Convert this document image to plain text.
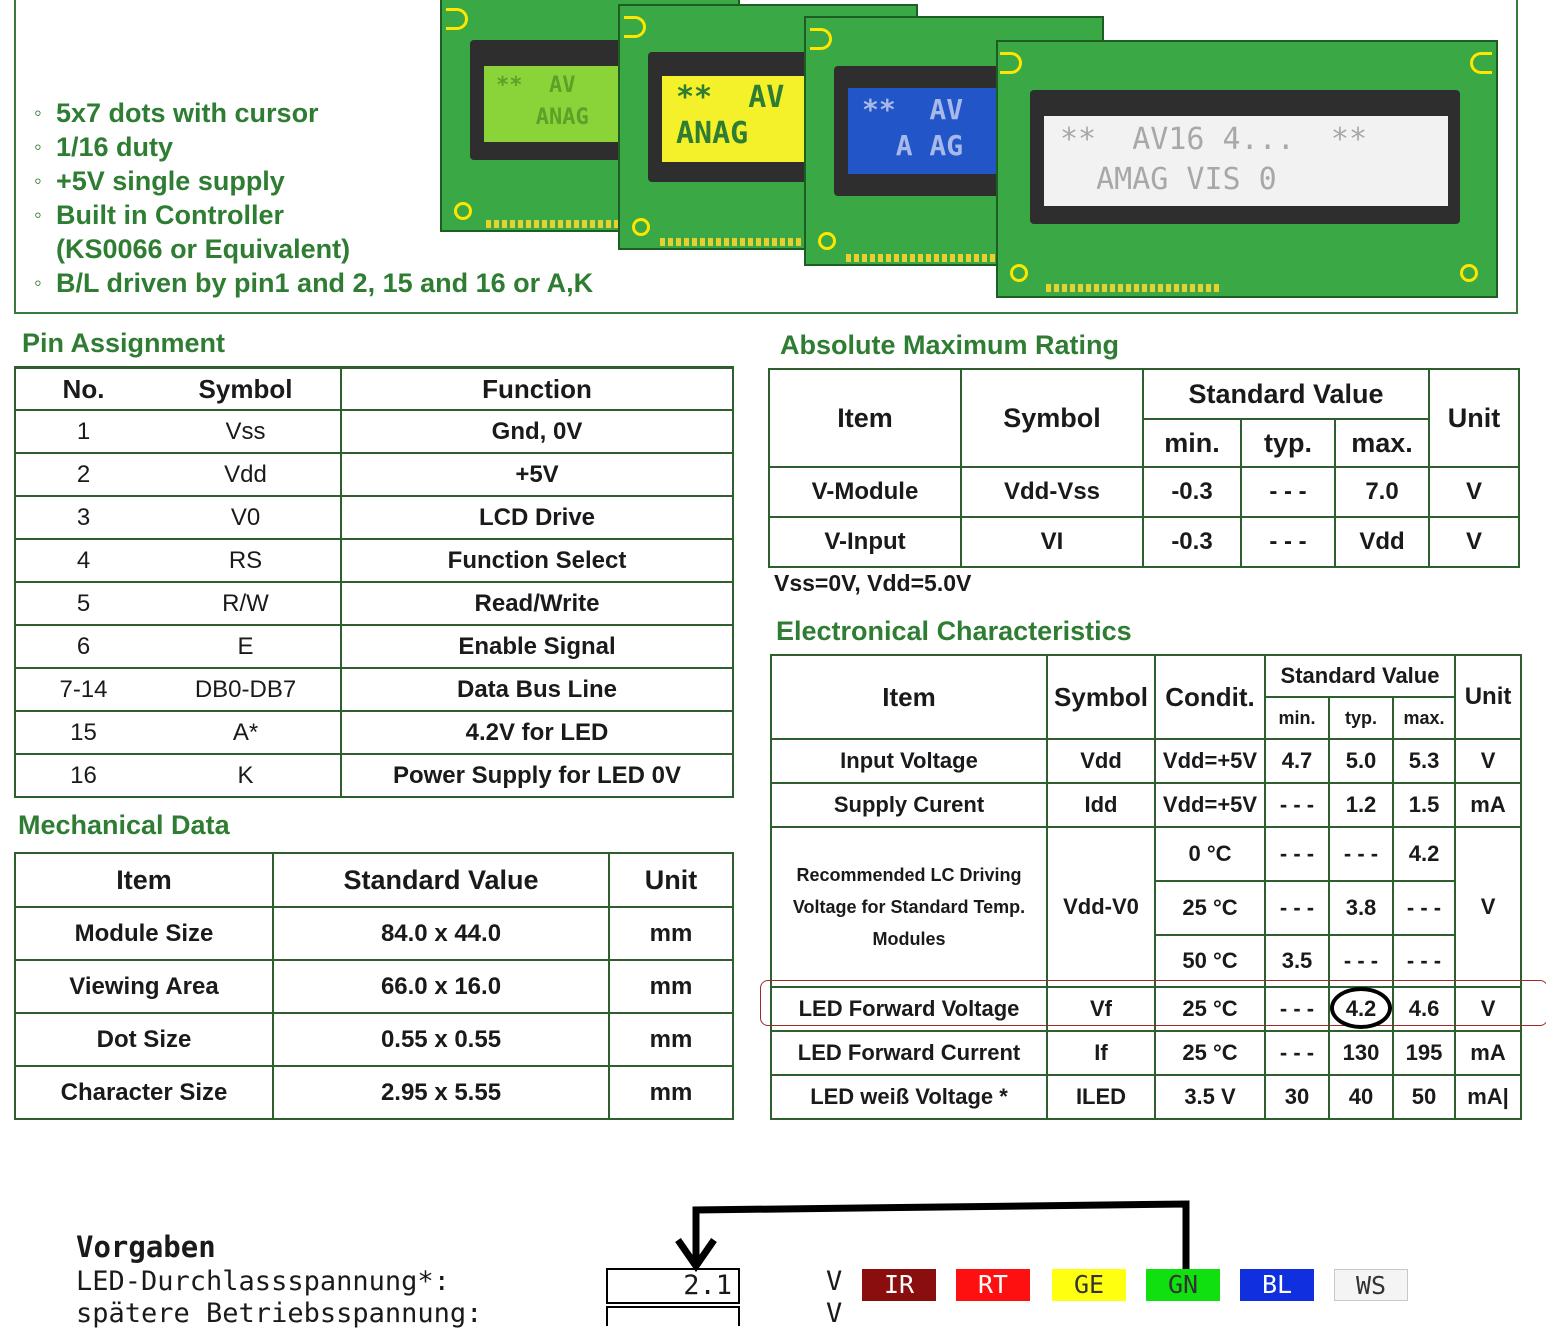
◦ 5x7 dots with cursor
◦ 1/16 duty
◦ +5V single supply
◦ Built in Controller
(KS0066 or Equivalent)
◦ B/L driven by pin1 and 2, 15 and 16 or A,K
**  AV
ANAG
**  AV
ANAG
**  AV
A AG	**  AV16 4...  **
AMAG VIS 0
Pin Assignment
No.	Symbol	Function
1	Vss	Gnd, 0V
2	Vdd	+5V
3	V0	LCD Drive
4	RS	Function Select
5	R/W	Read/Write
6	E	Enable Signal
7-14	DB0-DB7	Data Bus Line
15	A*	4.2V for LED
16	K	Power Supply for LED 0V
Mechanical Data
Item	Standard Value	Unit
Module Size	84.0 x 44.0	mm
Viewing Area	66.0 x 16.0	mm
Dot Size	0.55 x 0.55	mm
Character Size	2.95 x 5.55	mm
Absolute Maximum Rating
Item	Symbol	Standard Value			Unit
		min.	typ.	max.	
V-Module	Vdd-Vss	-0.3	- - -	7.0	V
V-Input	VI	-0.3	- - -	Vdd	V
Vss=0V, Vdd=5.0V
Electronical Characteristics
Item	Symbol	Condit.	Standard Value			Unit
			min.	typ.	max.	
Input Voltage	Vdd	Vdd=+5V	4.7	5.0	5.3	V
Supply Curent	Idd	Vdd=+5V	- - -	1.2	1.5	mA
Recommended LC Driving Voltage for Standard Temp. Modules	Vdd-V0	0 °C	- - -	- - -	4.2	V
		25 °C	- - -	3.8	- - -	
		50 °C	3.5	- - -	- - -	
LED Forward Voltage	Vf	25 °C	- - -	4.2	4.6	V
LED Forward Current	If	25 °C	- - -	130	195	mA
LED weiß Voltage *	ILED	3.5 V	30	40	50	mA|
Vorgaben
LED-Durchlassspannung*:
spätere Betriebsspannung:
2.1	V
V
IR	RT	GE	GN	BL	WS
